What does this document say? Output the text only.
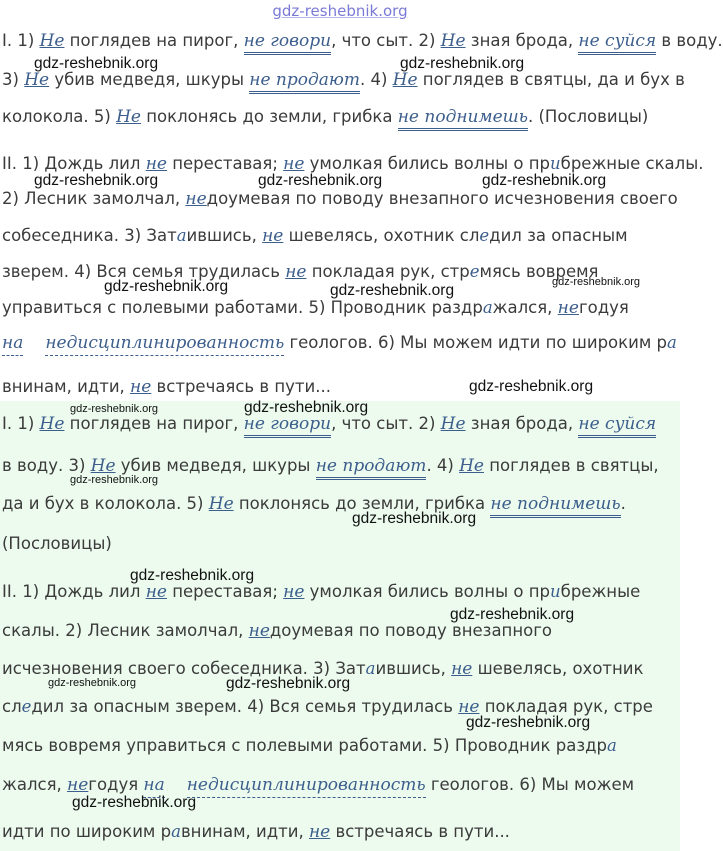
gdz-reshebnik.org
I. 1) Не поглядев на пирог, не говори, что сыт. 2) Не зная брода, не суйся в воду.
3) Не убив медведя, шкуры не продают. 4) Не поглядев в святцы, да и бух в
колокола. 5) Не поклонясь до земли, грибка не поднимешь. (Пословицы)
II. 1) Дождь лил не переставая; не умолкая бились волны о прибрежные скалы.
2) Лесник замолчал, недоумевая по поводу внезапного исчезновения своего
собеседника. 3) Затаившись, не шевелясь, охотник следил за опасным
зверем. 4) Вся семья трудилась не покладая рук, стремясь вовремя
управиться с полевыми работами. 5) Проводник раздражался, негодуя
на недисциплинированность геологов. 6) Мы можем идти по широким ра
внинам, идти, не встречаясь в пути...
I. 1) Не поглядев на пирог, не говори, что сыт. 2) Не зная брода, не суйся
в воду. 3) Не убив медведя, шкуры не продают. 4) Не поглядев в святцы,
да и бух в колокола. 5) Не поклонясь до земли, грибка не поднимешь.
(Пословицы)
II. 1) Дождь лил не переставая; не умолкая бились волны о прибрежные
скалы. 2) Лесник замолчал, недоумевая по поводу внезапного
исчезновения своего собеседника. 3) Затаившись, не шевелясь, охотник
следил за опасным зверем. 4) Вся семья трудилась не покладая рук, стре
мясь вовремя управиться с полевыми работами. 5) Проводник раздра
жался, негодуя на недисциплинированность геологов. 6) Мы можем
идти по широким равнинам, идти, не встречаясь в пути...
gdz-reshebnik.org	gdz-reshebnik.org
gdz-reshebnik.org	gdz-reshebnik.org	gdz-reshebnik.org
gdz-reshebnik.org	gdz-reshebnik.org	gdz-reshebnik.org
gdz-reshebnik.org
gdz-reshebnik.org	gdz-reshebnik.org
gdz-reshebnik.org
gdz-reshebnik.org
gdz-reshebnik.org
gdz-reshebnik.org
gdz-reshebnik.org	gdz-reshebnik.org
gdz-reshebnik.org
gdz-reshebnik.org
